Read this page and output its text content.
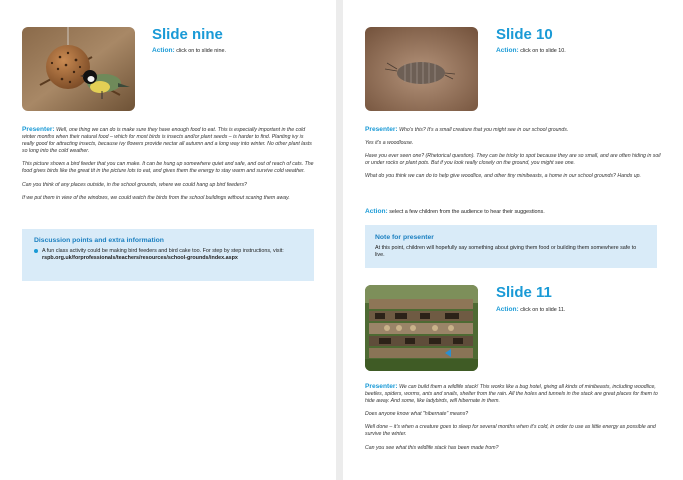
Slide nine
Action: click on to slide nine.

Presenter: Well, one thing we can do is make sure they have enough food to eat. This is especially important in the cold winter months when their natural food – which for most birds is insects and/or plant seeds – is harder to find. Planting ivy is really good for attracting insects, because ivy flowers provide nectar all autumn and a long way into winter. No other plant lasts so long into the cold weather.

This picture shows a bird feeder that you can make. It can be hung up somewhere quiet and safe, and out of reach of cats. The food gives birds like the great tit in the picture lots to eat, and gives them the energy to stay warm and survive cold weather.

Can you think of any places outside, in the school grounds, where we could hang up bird feeders?

If we put them in view of the windows, we could watch the birds from the school buildings without scaring them away.

Discussion points and extra information
A fun class activity could be making bird feeders and bird cake too. For step by step instructions, visit: rspb.org.uk/forprofessionals/teachers/resources/school-grounds/index.aspx
Slide 10
Action: click on to slide 10.

Presenter: Who's this? It's a small creature that you might see in our school grounds.

Yes it's a woodlouse.

Have you ever seen one? (Rhetorical question). They can be tricky to spot because they are so small, and are often hiding in soil or under rocks or plant pots. But if you look really closely on the ground, you might see one.

What do you think we can do to help give woodlice, and other tiny minibeasts, a home in our school grounds? Hands up.

Action: select a few children from the audience to hear their suggestions.
Note for presenter
At this point, children will hopefully say something about giving them food or building them somewhere safe to live.
Slide 11
Action: click on to slide 11.

Presenter: We can build them a wildlife stack! This works like a bug hotel, giving all kinds of minibeasts, including woodlice, beetles, spiders, worms, ants and snails, shelter from the rain. All the holes and tunnels in the stack are great places for them to hide away. And some, like ladybirds, will hibernate in them.

Does anyone know what "hibernate" means?

Well done – it's when a creature goes to sleep for several months when it's cold, in order to use as little energy as possible and survive the winter.

Can you see what this wildlife stack has been made from?
